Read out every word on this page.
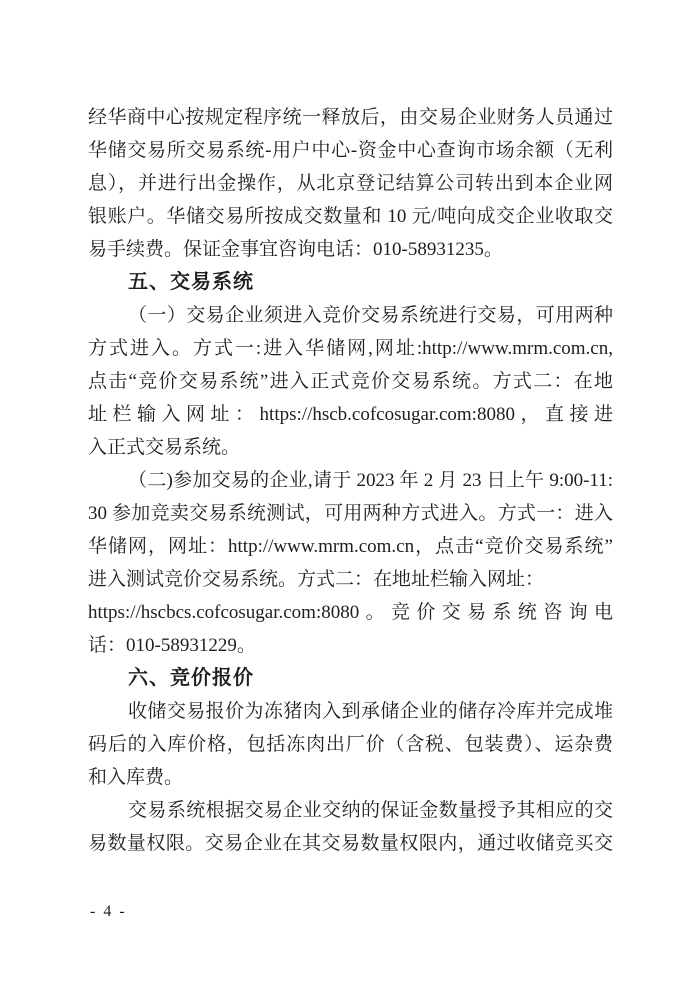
经华商中心按规定程序统一释放后，由交易企业财务人员通过
华储交易所交易系统-用户中心-资金中心查询市场余额（无利
息），并进行出金操作，从北京登记结算公司转出到本企业网
银账户。华储交易所按成交数量和 10 元/吨向成交企业收取交
易手续费。保证金事宜咨询电话：010-58931235。
五、交易系统
（一）交易企业须进入竞价交易系统进行交易，可用两种
方式进入。方式一:进入华储网,网址:http://www.mrm.com.cn,
点击“竞价交易系统”进入正式竞价交易系统。方式二：在地
址栏输入网址：https://hscb.cofcosugar.com:8080，直接进
入正式交易系统。
（二)参加交易的企业,请于 2023 年 2 月 23 日上午 9:00-11:
30 参加竞卖交易系统测试，可用两种方式进入。方式一：进入
华储网，网址：http://www.mrm.com.cn，点击“竞价交易系统”
进入测试竞价交易系统。方式二：在地址栏输入网址：
https://hscbcs.cofcosugar.com:8080。竞价交易系统咨询电
话：010-58931229。
六、竞价报价
收储交易报价为冻猪肉入到承储企业的储存冷库并完成堆
码后的入库价格，包括冻肉出厂价（含税、包装费）、运杂费
和入库费。
交易系统根据交易企业交纳的保证金数量授予其相应的交
易数量权限。交易企业在其交易数量权限内，通过收储竞买交
- 4 -
